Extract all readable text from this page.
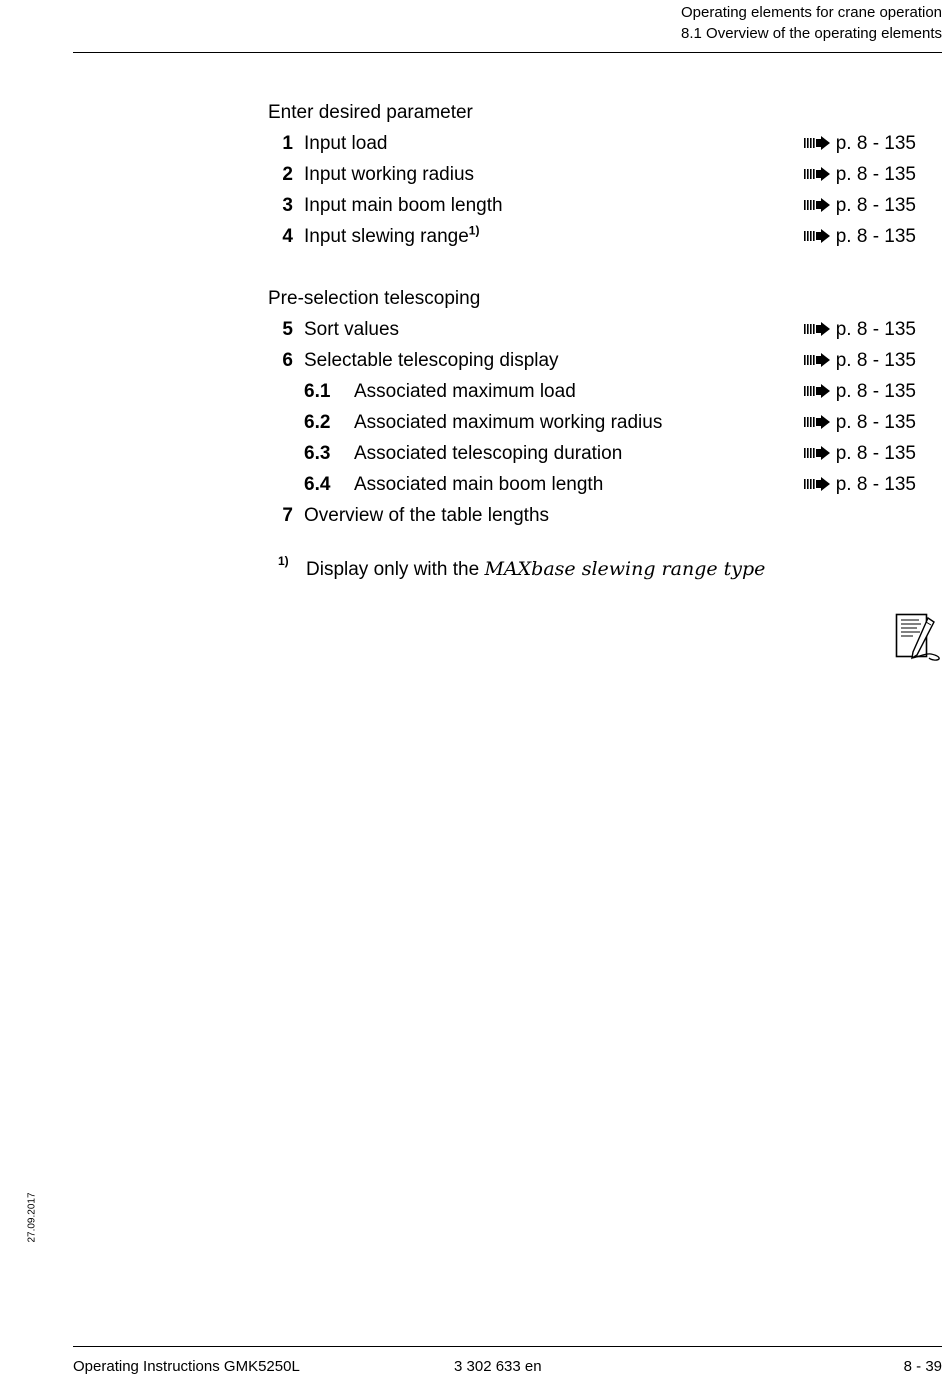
Operating elements for crane operation
8.1 Overview of the operating elements
Enter desired parameter
1 Input load	p. 8 - 135
2 Input working radius	p. 8 - 135
3 Input main boom length	p. 8 - 135
4 Input slewing range$^{1)}$	p. 8 - 135
Pre-selection telescoping
5 Sort values	p. 8 - 135
6 Selectable telescoping display	p. 8 - 135
6.1 Associated maximum load	p. 8 - 135
6.2 Associated maximum working radius	p. 8 - 135
6.3 Associated telescoping duration	p. 8 - 135
6.4 Associated main boom length	p. 8 - 135
7 Overview of the table lengths
1) Display only with the MAXbase slewing range type
27.09.2017
Operating Instructions GMK5250L	3 302 633 en	8 - 39
